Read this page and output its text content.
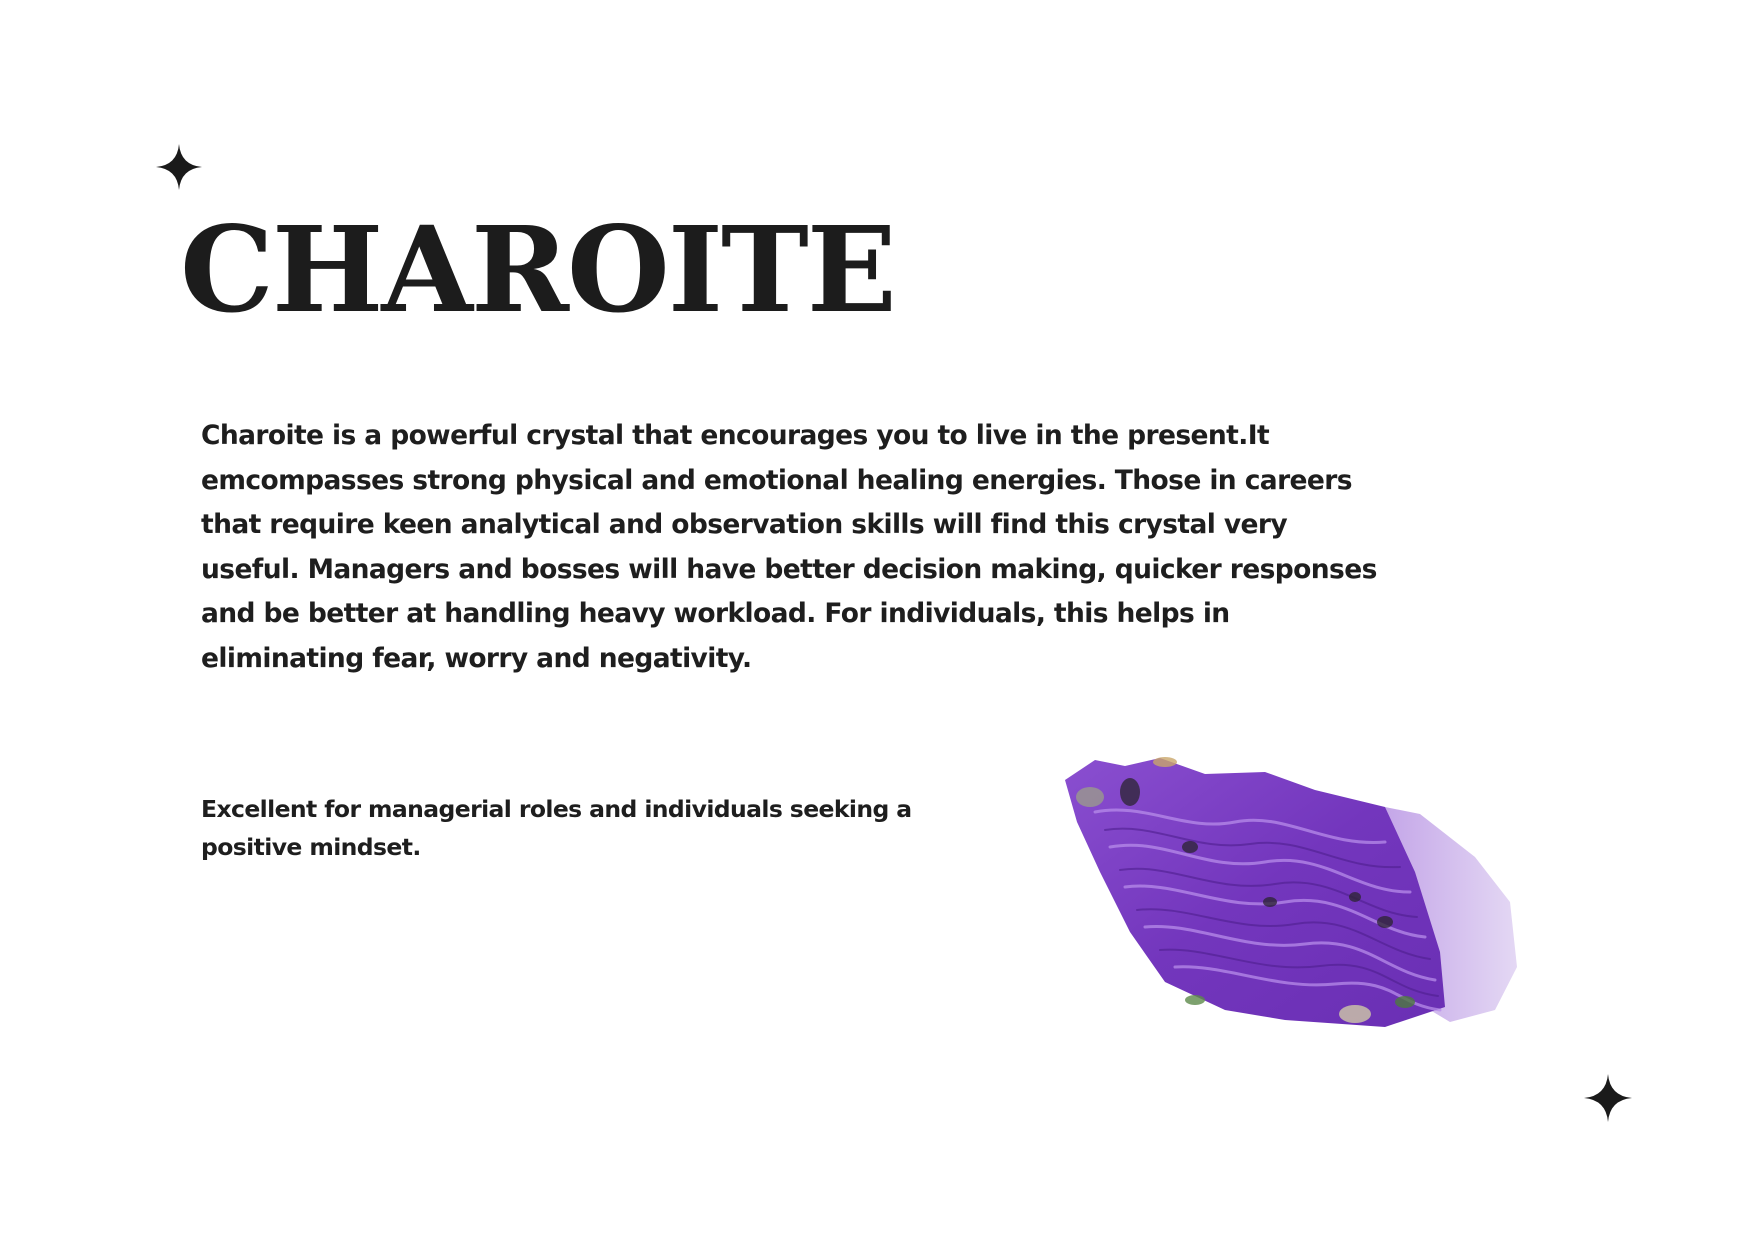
CHAROITE

Charoite is a powerful crystal that encourages you to live in the present.It emcompasses strong physical and emotional healing energies. Those in careers that require keen analytical and observation skills will find this crystal very useful. Managers and bosses will have better decision making, quicker responses and be better at handling heavy workload. For individuals, this helps in eliminating fear, worry and negativity.

Excellent for managerial roles and individuals seeking a positive mindset.
